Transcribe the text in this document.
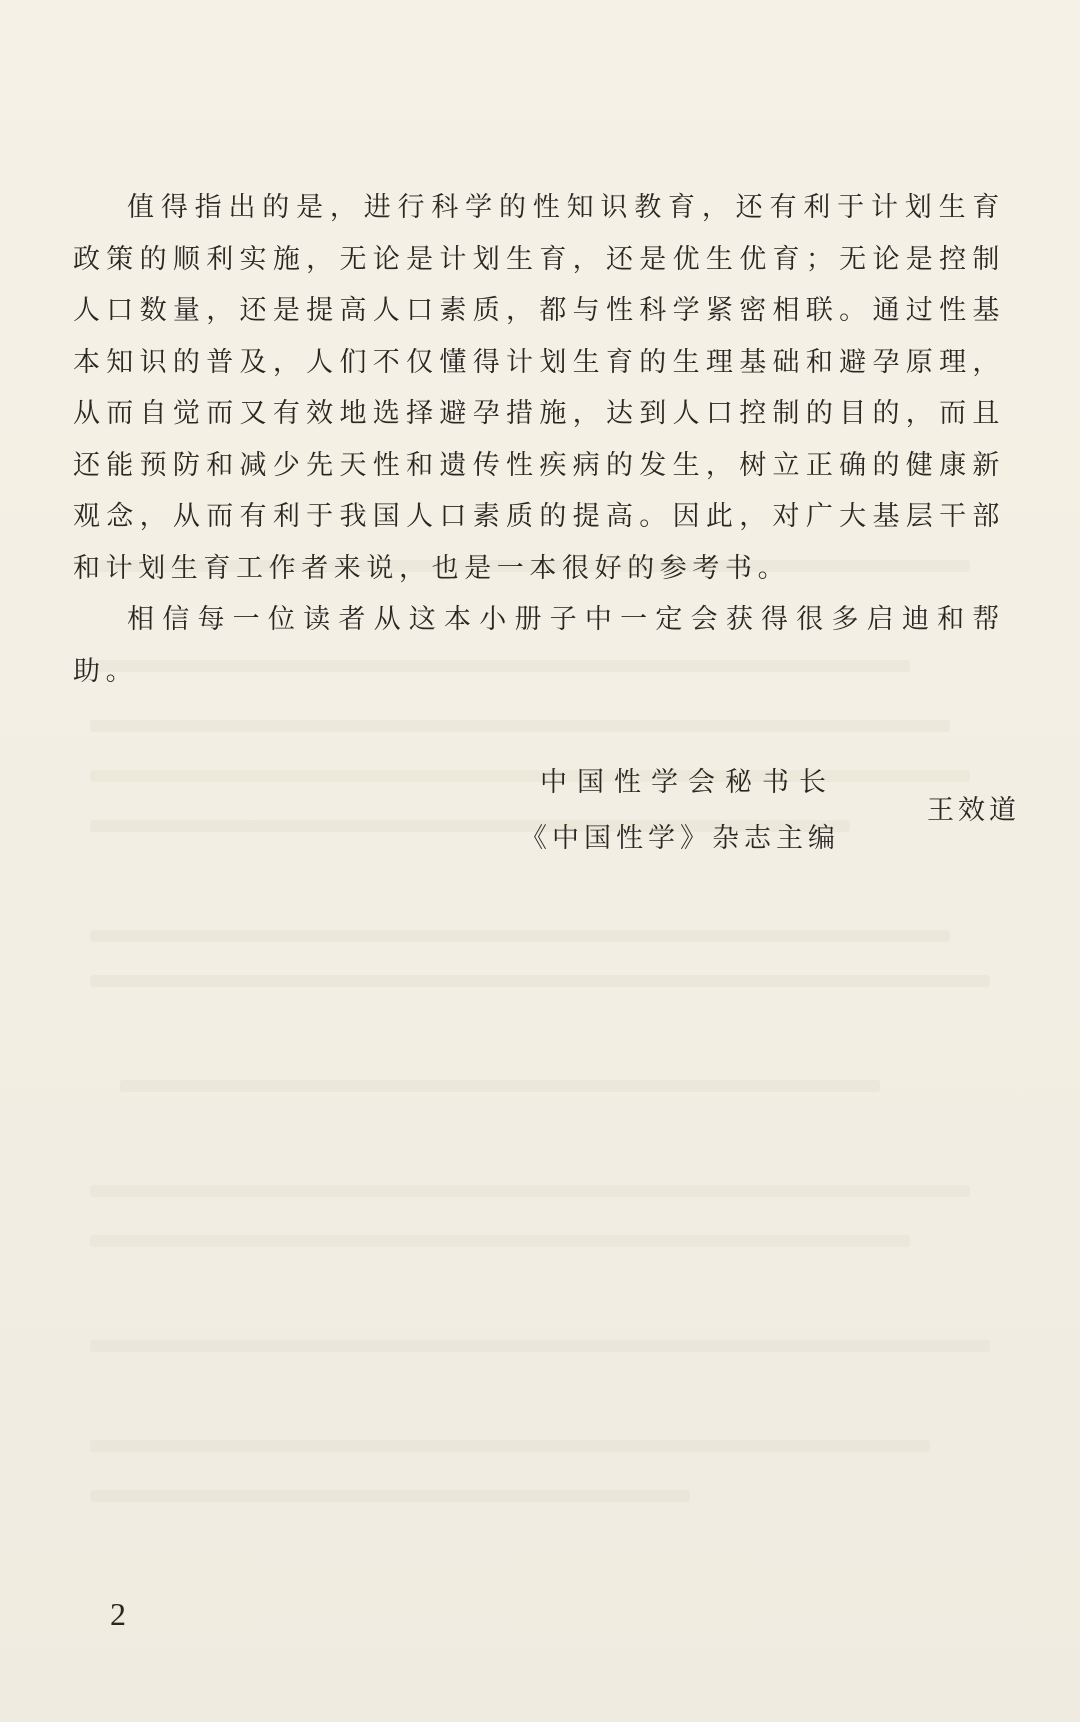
值得指出的是，进行科学的性知识教育，还有利于计划生育政策的顺利实施，无论是计划生育，还是优生优育；无论是控制人口数量，还是提高人口素质，都与性科学紧密相联。通过性基本知识的普及，人们不仅懂得计划生育的生理基础和避孕原理，从而自觉而又有效地选择避孕措施，达到人口控制的目的，而且还能预防和减少先天性和遗传性疾病的发生，树立正确的健康新观念，从而有利于我国人口素质的提高。因此，对广大基层干部和计划生育工作者来说，也是一本很好的参考书。

相信每一位读者从这本小册子中一定会获得很多启迪和帮助。

中国性学会秘书长
《中国性学》杂志主编
王效道
2
